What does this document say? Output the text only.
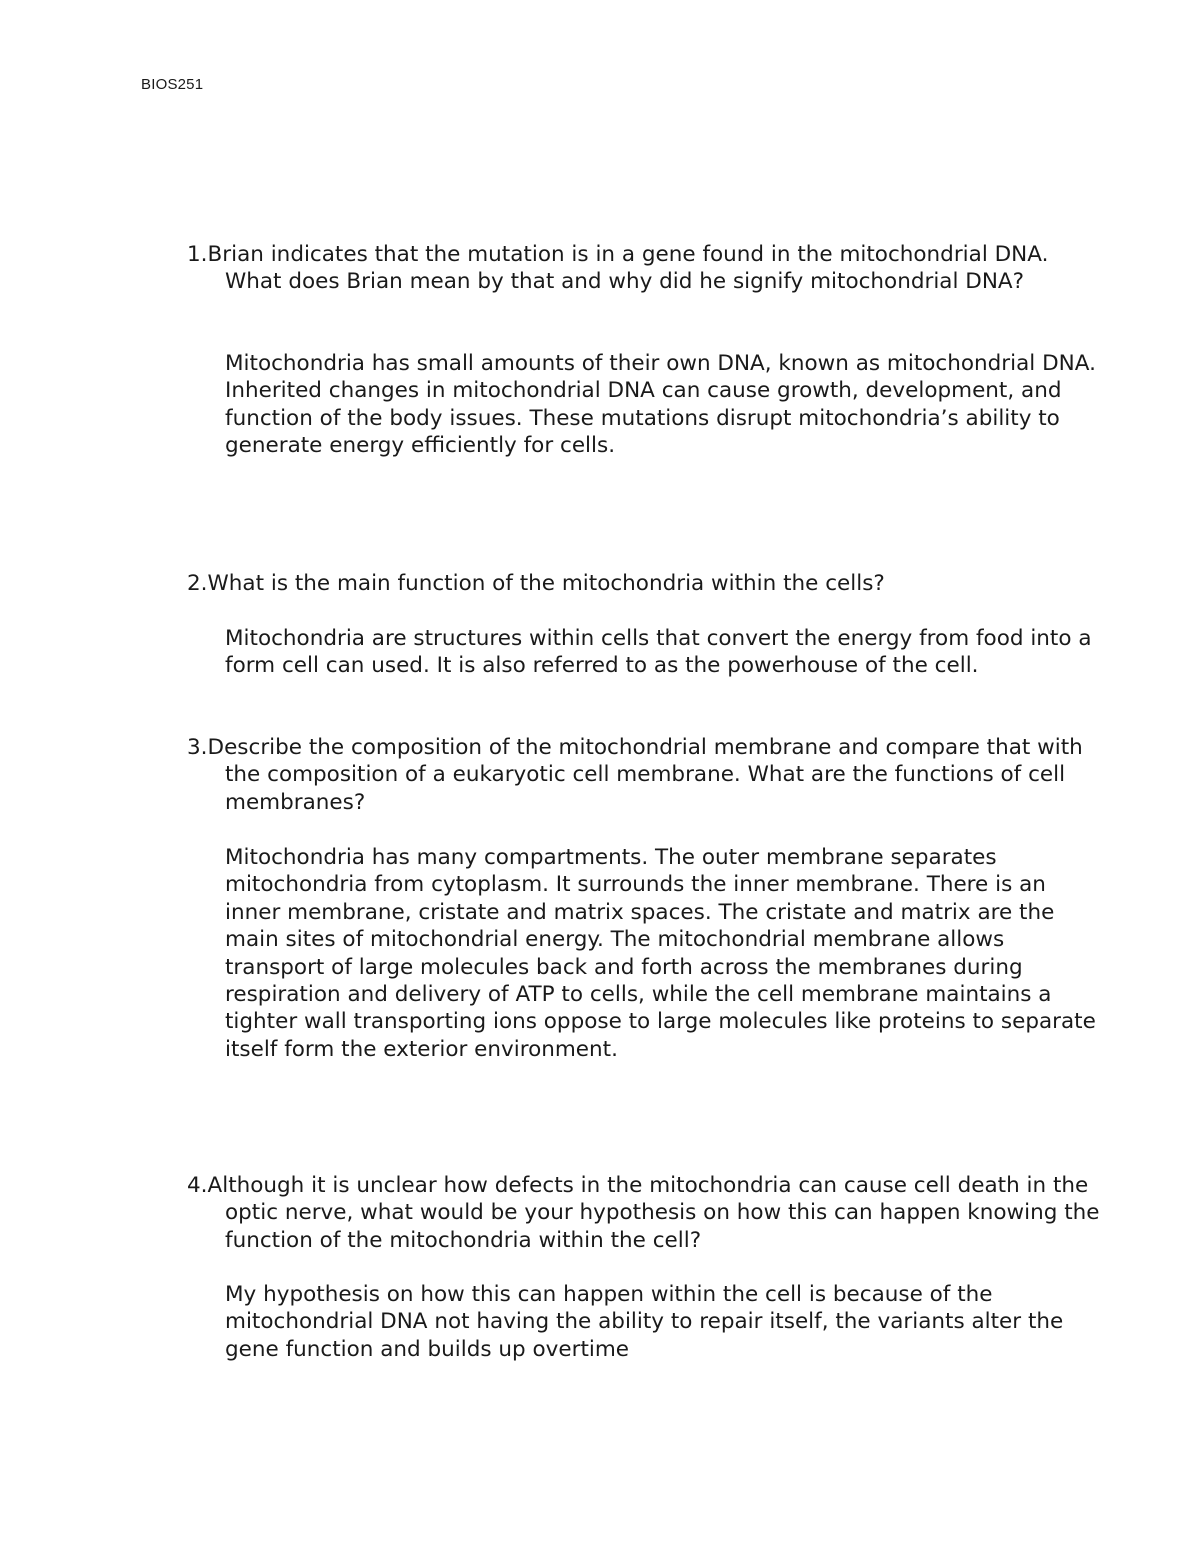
BIOS251

1.Brian indicates that the mutation is in a gene found in the mitochondrial DNA. What does Brian mean by that and why did he signify mitochondrial DNA?

Mitochondria has small amounts of their own DNA, known as mitochondrial DNA. Inherited changes in mitochondrial DNA can cause growth, development, and function of the body issues. These mutations disrupt mitochondria’s ability to generate energy efficiently for cells.

2.What is the main function of the mitochondria within the cells?

Mitochondria are structures within cells that convert the energy from food into a form cell can used. It is also referred to as the powerhouse of the cell.

3.Describe the composition of the mitochondrial membrane and compare that with the composition of a eukaryotic cell membrane. What are the functions of cell membranes?

Mitochondria has many compartments. The outer membrane separates mitochondria from cytoplasm. It surrounds the inner membrane. There is an inner membrane, cristate and matrix spaces. The cristate and matrix are the main sites of mitochondrial energy. The mitochondrial membrane allows transport of large molecules back and forth across the membranes during respiration and delivery of ATP to cells, while the cell membrane maintains a tighter wall transporting ions oppose to large molecules like proteins to separate itself form the exterior environment.

4.Although it is unclear how defects in the mitochondria can cause cell death in the optic nerve, what would be your hypothesis on how this can happen knowing the function of the mitochondria within the cell?

My hypothesis on how this can happen within the cell is because of the mitochondrial DNA not having the ability to repair itself, the variants alter the gene function and builds up overtime
